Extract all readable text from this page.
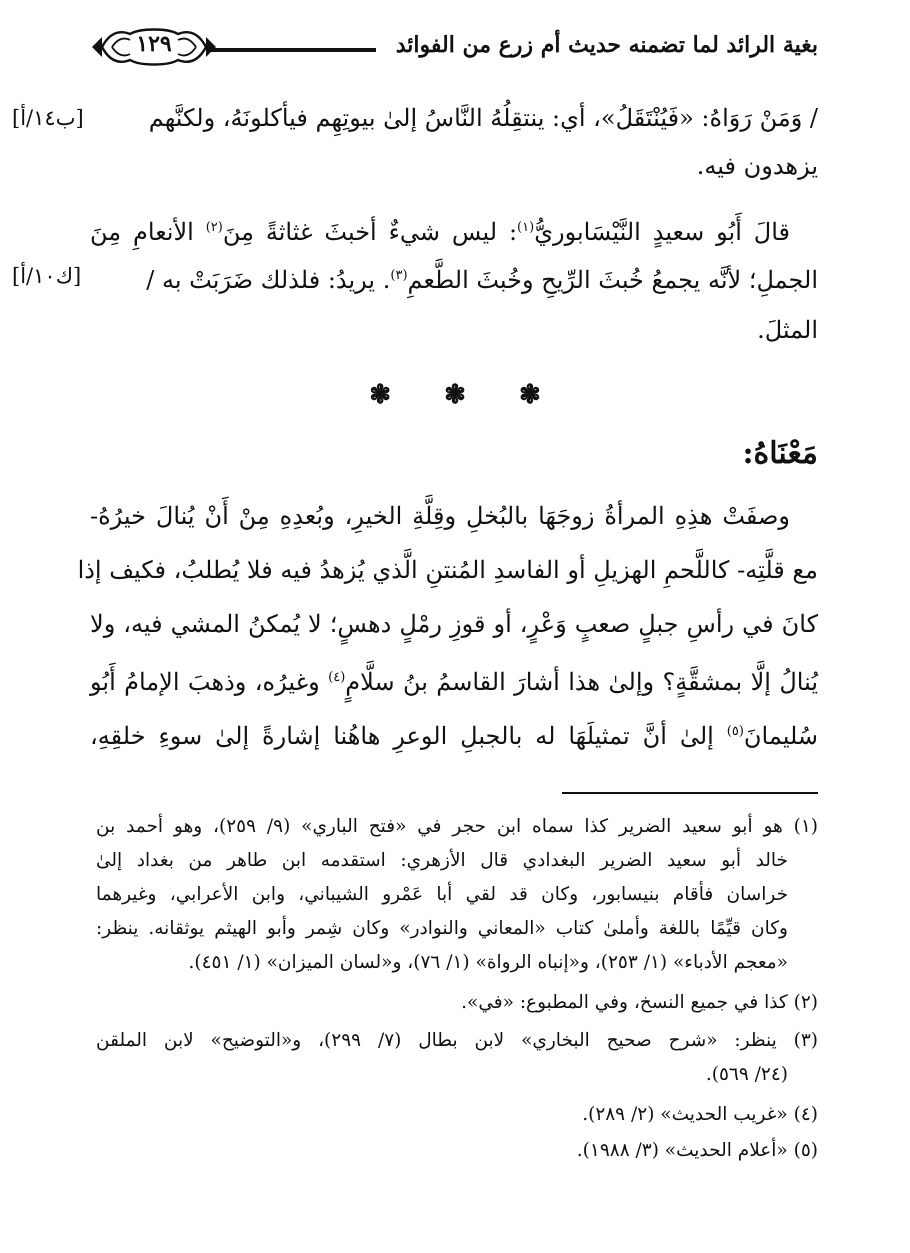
بغية الرائد لما تضمنه حديث أم زرع من الفوائد
١٢٩
/ وَمَنْ رَوَاهُ: «فَيُنْتَقَلُ»، أي: ينتقِلُهُ النَّاسُ إلىٰ بيوتِهِم فيأكلونَهُ، ولكنَّهم
[ب١٤/أ]
يزهدون فيه.
قالَ أَبُو سعيدٍ النَّيْسَابوريُّ$^{(١)}$: ليس شيءٌ أخبثَ غثاثةً مِنَ$^{(٢)}$ الأنعامِ مِنَ
الجملِ؛ لأنَّه يجمعُ خُبثَ الرِّيحِ وخُبثَ الطَّعمِ$^{(٣)}$. يريدُ: فلذلك ضَرَبَتْ به /
[ك١٠/أ]
المثلَ.
❃ ❃ ❃
مَعْنَاهُ:
وصفَتْ هذِهِ المرأةُ زوجَهَا بالبُخلِ وقِلَّةِ الخيرِ، وبُعدِهِ مِنْ أَنْ يُنالَ خيرُهُ-
مع قلَّتِه- كاللَّحمِ الهزيلِ أو الفاسدِ المُنتنِ الَّذي يُزهدُ فيه فلا يُطلبُ، فكيف إذا
كانَ في رأسِ جبلٍ صعبٍ وَعْرٍ، أو قوزِ رمْلٍ دهسٍ؛ لا يُمكنُ المشي فيه، ولا
يُنالُ إلَّا بمشقَّةٍ؟ وإلىٰ هذا أشارَ القاسمُ بنُ سلَّامٍ$^{(٤)}$ وغيرُه، وذهبَ الإمامُ أَبُو
سُليمانَ$^{(٥)}$ إلىٰ أنَّ تمثيلَهَا له بالجبلِ الوعرِ هاهُنا إشارةً إلىٰ سوءِ خلقِهِ،
(١) هو أبو سعيد الضرير كذا سماه ابن حجر في «فتح الباري» (٩/ ٢٥٩)، وهو أحمد بن
خالد أبو سعيد الضرير البغدادي قال الأزهري: استقدمه ابن طاهر من بغداد إلىٰ
خراسان فأقام بنيسابور، وكان قد لقي أبا عَمْرو الشيباني، وابن الأعرابي، وغيرهما
وكان قيِّمًا باللغة وأملىٰ كتاب «المعاني والنوادر» وكان شِمر وأبو الهيثم يوثقانه. ينظر:
«معجم الأدباء» (١/ ٢٥٣)، و«إنباه الرواة» (١/ ٧٦)، و«لسان الميزان» (١/ ٤٥١).
(٢) كذا في جميع النسخ، وفي المطبوع: «في».
(٣) ينظر: «شرح صحيح البخاري» لابن بطال (٧/ ٢٩٩)، و«التوضيح» لابن الملقن
(٢٤/ ٥٦٩).
(٤) «غريب الحديث» (٢/ ٢٨٩).
(٥) «أعلام الحديث» (٣/ ١٩٨٨).
